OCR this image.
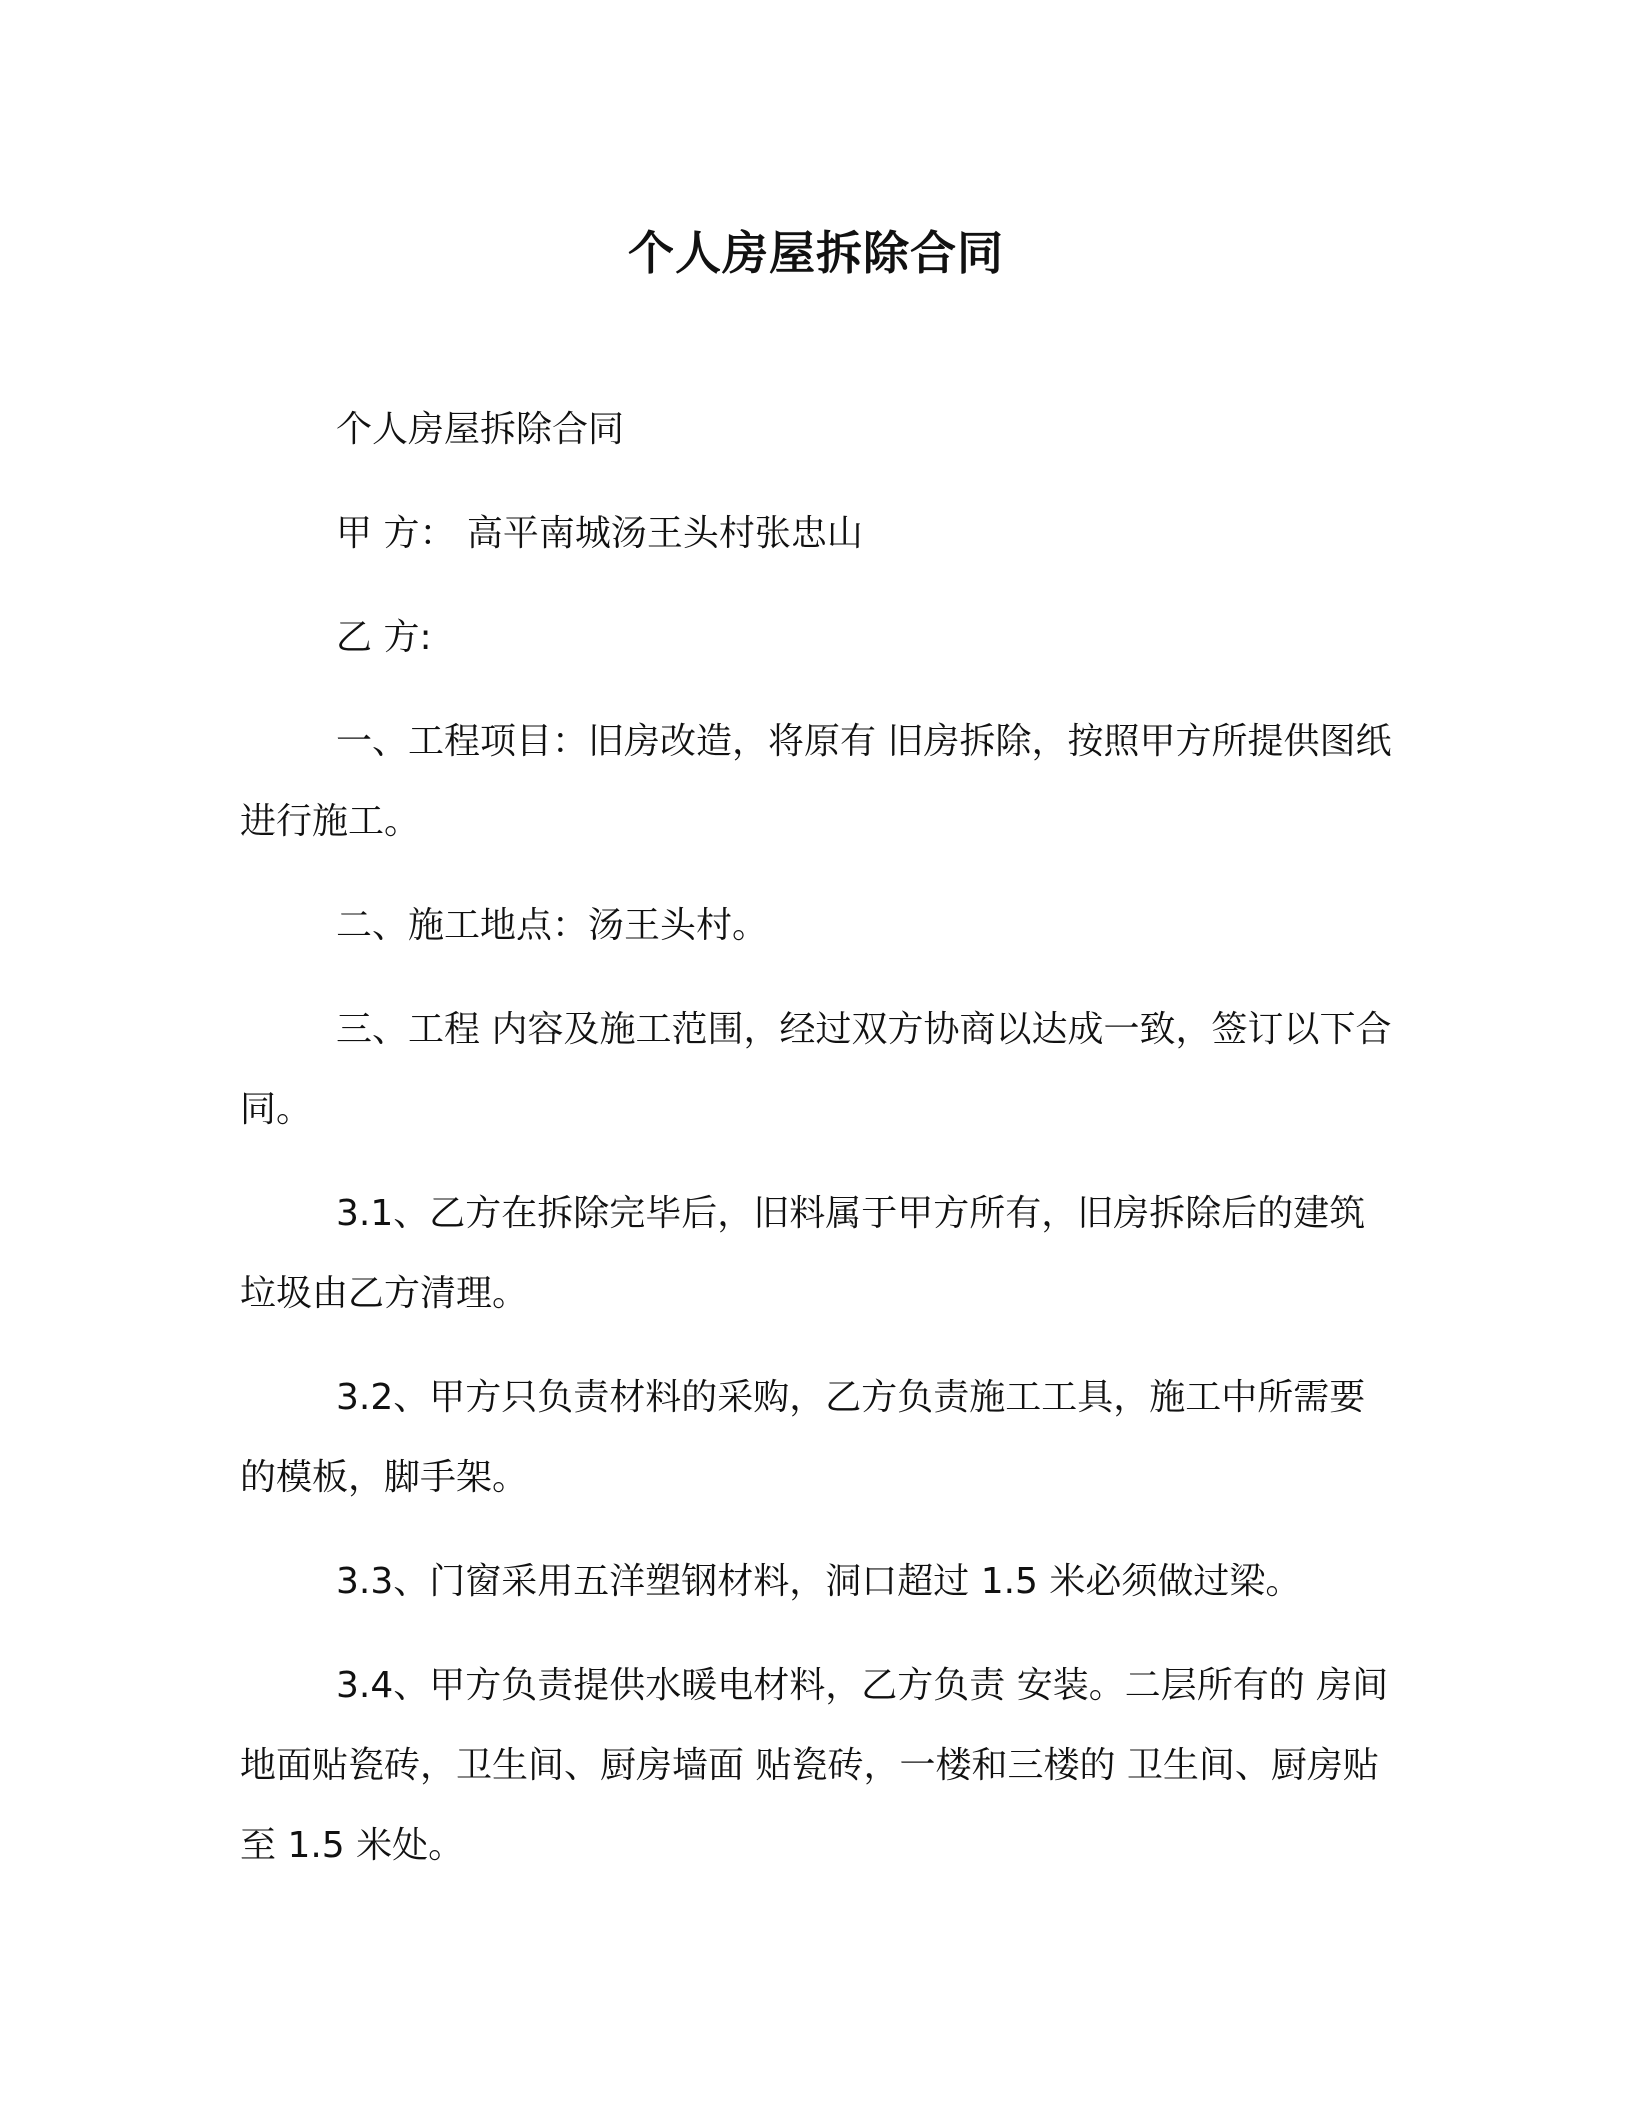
个人房屋拆除合同

个人房屋拆除合同

甲 方： 高平南城汤王头村张忠山

乙 方:

一、工程项目：旧房改造，将原有 旧房拆除，按照甲方所提供图纸进行施工。

二、施工地点：汤王头村。

三、工程 内容及施工范围，经过双方协商以达成一致，签订以下合同。

3.1、乙方在拆除完毕后，旧料属于甲方所有，旧房拆除后的建筑垃圾由乙方清理。

3.2、甲方只负责材料的采购，乙方负责施工工具，施工中所需要的模板，脚手架。

3.3、门窗采用五洋塑钢材料，洞口超过 1.5 米必须做过梁。

3.4、甲方负责提供水暖电材料，乙方负责 安装。二层所有的 房间地面贴瓷砖，卫生间、厨房墙面 贴瓷砖，一楼和三楼的 卫生间、厨房贴至 1.5 米处。
